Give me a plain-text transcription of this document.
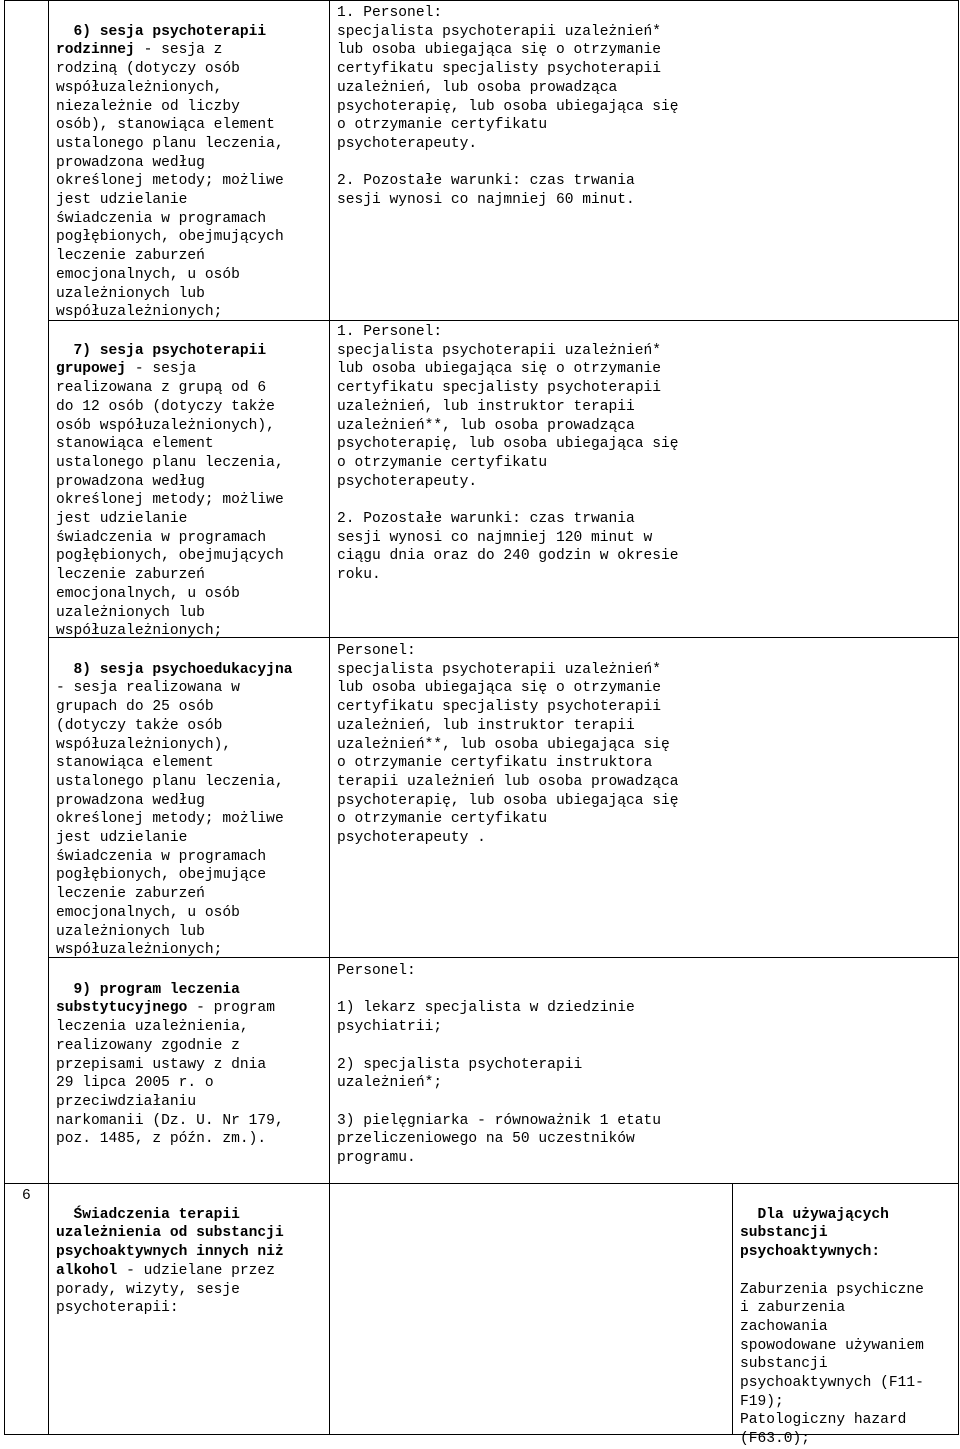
6) sesja psychoterapii
rodzinnej - sesja z
rodziną (dotyczy osób
współuzależnionych,
niezależnie od liczby
osób), stanowiąca element
ustalonego planu leczenia,
prowadzona według
określonej metody; możliwe
jest udzielanie
świadczenia w programach
pogłębionych, obejmujących
leczenie zaburzeń
emocjonalnych, u osób
uzależnionych lub
współuzależnionych;

1. Personel:
specjalista psychoterapii uzależnień*
lub osoba ubiegająca się o otrzymanie
certyfikatu specjalisty psychoterapii
uzależnień, lub osoba prowadząca
psychoterapię, lub osoba ubiegająca się
o otrzymanie certyfikatu
psychoterapeuty.

2. Pozostałe warunki: czas trwania
sesji wynosi co najmniej 60 minut.

7) sesja psychoterapii
grupowej - sesja
realizowana z grupą od 6
do 12 osób (dotyczy także
osób współuzależnionych),
stanowiąca element
ustalonego planu leczenia,
prowadzona według
określonej metody; możliwe
jest udzielanie
świadczenia w programach
pogłębionych, obejmujących
leczenie zaburzeń
emocjonalnych, u osób
uzależnionych lub
współuzależnionych;

1. Personel:
specjalista psychoterapii uzależnień*
lub osoba ubiegająca się o otrzymanie
certyfikatu specjalisty psychoterapii
uzależnień, lub instruktor terapii
uzależnień**, lub osoba prowadząca
psychoterapię, lub osoba ubiegająca się
o otrzymanie certyfikatu
psychoterapeuty.

2. Pozostałe warunki: czas trwania
sesji wynosi co najmniej 120 minut w
ciągu dnia oraz do 240 godzin w okresie
roku.

8) sesja psychoedukacyjna
- sesja realizowana w
grupach do 25 osób
(dotyczy także osób
współuzależnionych),
stanowiąca element
ustalonego planu leczenia,
prowadzona według
określonej metody; możliwe
jest udzielanie
świadczenia w programach
pogłębionych, obejmujące
leczenie zaburzeń
emocjonalnych, u osób
uzależnionych lub
współuzależnionych;

Personel:
specjalista psychoterapii uzależnień*
lub osoba ubiegająca się o otrzymanie
certyfikatu specjalisty psychoterapii
uzależnień, lub instruktor terapii
uzależnień**, lub osoba ubiegająca się
o otrzymanie certyfikatu instruktora
terapii uzależnień lub osoba prowadząca
psychoterapię, lub osoba ubiegająca się
o otrzymanie certyfikatu
psychoterapeuty .

9) program leczenia
substytucyjnego - program
leczenia uzależnienia,
realizowany zgodnie z
przepisami ustawy z dnia
29 lipca 2005 r. o
przeciwdziałaniu
narkomanii (Dz. U. Nr 179,
poz. 1485, z późn. zm.).

Personel:

1) lekarz specjalista w dziedzinie
psychiatrii;

2) specjalista psychoterapii
uzależnień*;

3) pielęgniarka - równoważnik 1 etatu
przeliczeniowego na 50 uczestników
programu.
6

Świadczenia terapii
uzależnienia od substancji
psychoaktywnych innych niż
alkohol - udzielane przez
porady, wizyty, sesje
psychoterapii:

Dla używających
substancji
psychoaktywnych:

Zaburzenia psychiczne
i zaburzenia
zachowania
spowodowane używaniem
substancji
psychoaktywnych (F11-
F19);
Patologiczny hazard
(F63.0);
